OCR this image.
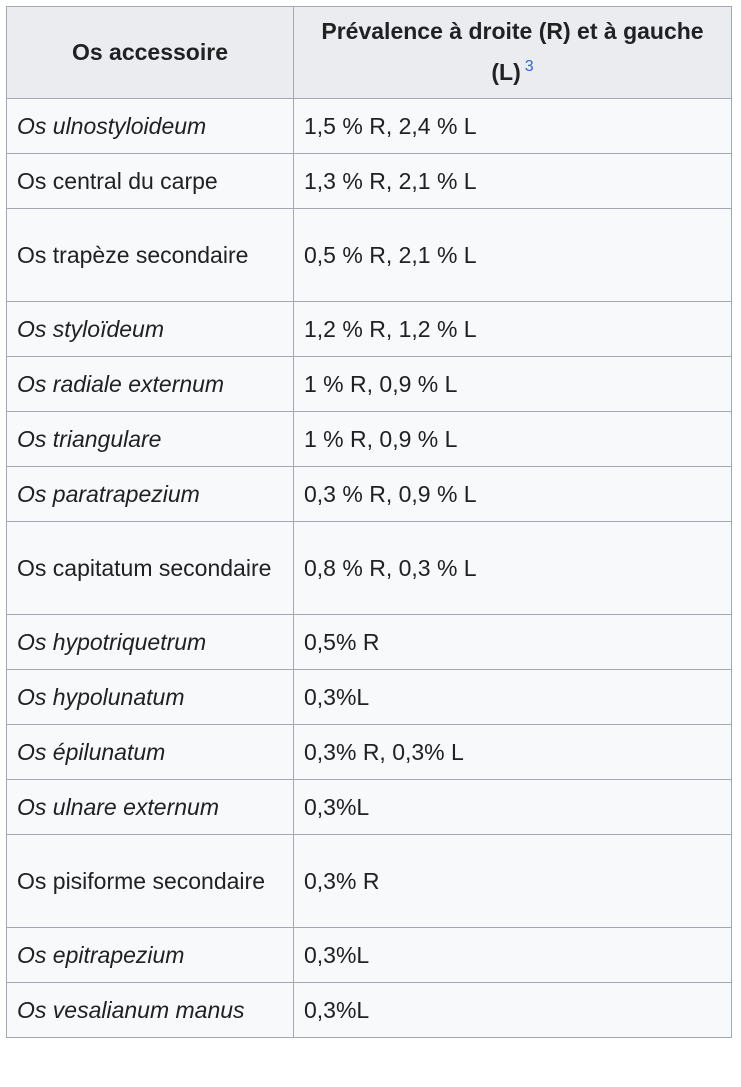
Os accessoire	Prévalence à droite (R) et à gauche (L) $^3$
Os ulnostyloideum	1,5 % R, 2,4 % L
Os central du carpe	1,3 % R, 2,1 % L
Os trapèze secondaire	0,5 % R, 2,1 % L
Os styloïdeum	1,2 % R, 1,2 % L
Os radiale externum	1 % R, 0,9 % L
Os triangulare	1 % R, 0,9 % L
Os paratrapezium	0,3 % R, 0,9 % L
Os capitatum secondaire	0,8 % R, 0,3 % L
Os hypotriquetrum	0,5% R
Os hypolunatum	0,3%L
Os épilunatum	0,3% R, 0,3% L
Os ulnare externum	0,3%L
Os pisiforme secondaire	0,3% R
Os epitrapezium	0,3%L
Os vesalianum manus	0,3%L
